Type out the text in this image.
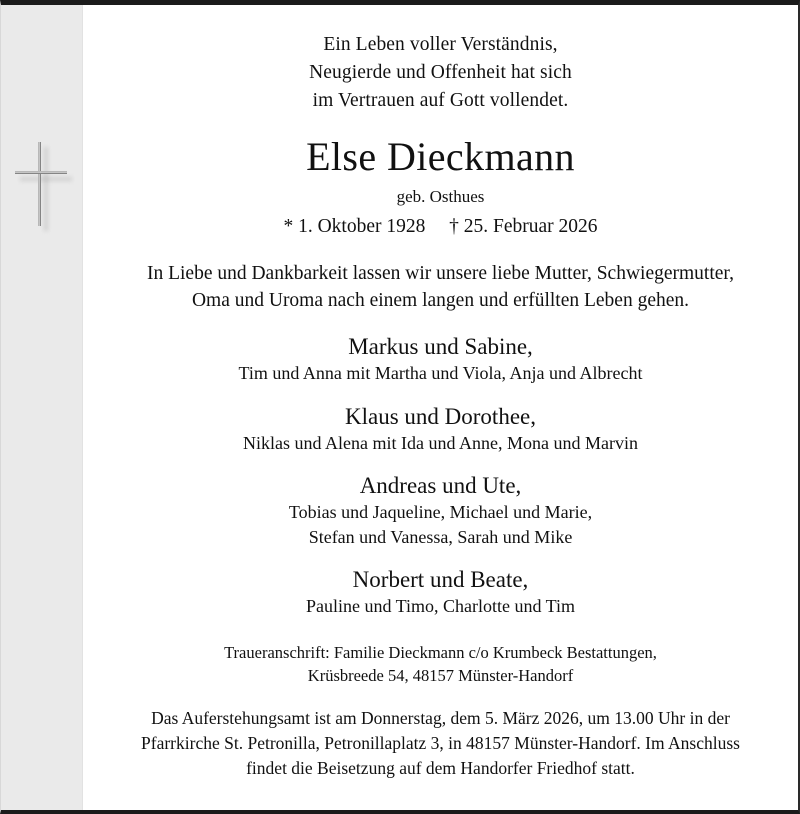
Ein Leben voller Verständnis,
Neugierde und Offenheit hat sich
im Vertrauen auf Gott vollendet.
Else Dieckmann
geb. Osthues
* 1. Oktober 1928 † 25. Februar 2026
In Liebe und Dankbarkeit lassen wir unsere liebe Mutter, Schwiegermutter,
Oma und Uroma nach einem langen und erfüllten Leben gehen.
Markus und Sabine,
Tim und Anna mit Martha und Viola, Anja und Albrecht
Klaus und Dorothee,
Niklas und Alena mit Ida und Anne, Mona und Marvin
Andreas und Ute,
Tobias und Jaqueline, Michael und Marie,
Stefan und Vanessa, Sarah und Mike
Norbert und Beate,
Pauline und Timo, Charlotte und Tim
Traueranschrift: Familie Dieckmann c/o Krumbeck Bestattungen,
Krüsbreede 54, 48157 Münster-Handorf
Das Auferstehungsamt ist am Donnerstag, dem 5. März 2026, um 13.00 Uhr in der
Pfarrkirche St. Petronilla, Petronillaplatz 3, in 48157 Münster-Handorf. Im Anschluss
findet die Beisetzung auf dem Handorfer Friedhof statt.
